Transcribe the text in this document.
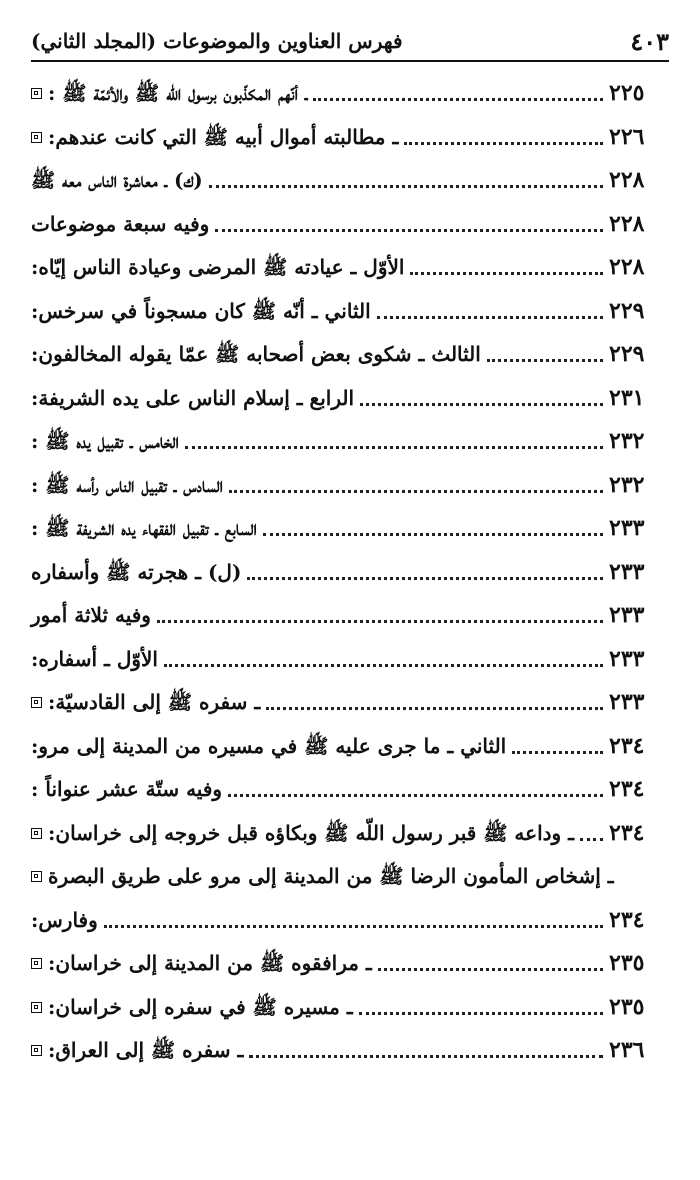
فهرس العناوين والموضوعات (المجلد الثاني)	٤٠٣
ـ أنّهم المكذّبون برسول اللّه ﷺ والأئمّة ﷺ :	٢٢٥
ـ مطالبته أموال أبيه ﷺ التي كانت عندهم:	٢٢٦
(ك) ـ معاشرة الناس معه ﷺ	٢٢٨
وفيه سبعة موضوعات	٢٢٨
الأوّل ـ عيادته ﷺ المرضى وعيادة الناس إيّاه:	٢٢٨
الثاني ـ أنّه ﷺ كان مسجوناً في سرخس:	٢٢٩
الثالث ـ شكوى بعض أصحابه ﷺ عمّا يقوله المخالفون:	٢٢٩
الرابع ـ إسلام الناس على يده الشريفة:	٢٣١
الخامس ـ تقبيل يده ﷺ :	٢٣٢
السادس ـ تقبيل الناس رأسه ﷺ :	٢٣٢
السابع ـ تقبيل الفقهاء يده الشريفة ﷺ :	٢٣٣
(ل) ـ هجرته ﷺ وأسفاره	٢٣٣
وفيه ثلاثة أمور	٢٣٣
الأوّل ـ أسفاره:	٢٣٣
ـ سفره ﷺ إلى القادسيّة:	٢٣٣
الثاني ـ ما جرى عليه ﷺ في مسيره من المدينة إلى مرو:	٢٣٤
وفيه ستّة عشر عنواناً :	٢٣٤
ـ وداعه ﷺ قبر رسول اللّه ﷺ وبكاؤه قبل خروجه إلى خراسان: ٢٣٤
ـ إشخاص المأمون الرضا ﷺ من المدينة إلى مرو على طريق البصرة
وفارس:	٢٣٤
ـ مرافقوه ﷺ من المدينة إلى خراسان:	٢٣٥
ـ مسيره ﷺ في سفره إلى خراسان:	٢٣٥
ـ سفره ﷺ إلى العراق:	٢٣٦
